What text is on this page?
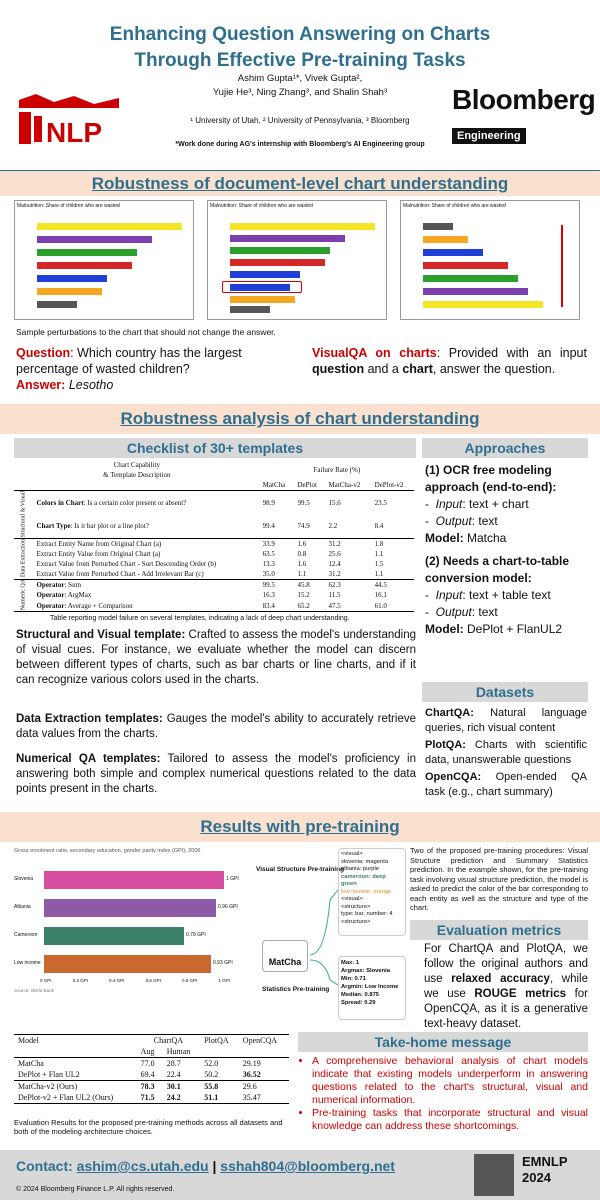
Enhancing Question Answering on Charts
Through Effective Pre-training Tasks
Ashim Gupta¹*, Vivek Gupta²,
Yujie He³, Ning Zhang³, and Shalin Shah³
¹ University of Utah, ² University of Pennsylvania, ³ Bloomberg
*Work done during AG's internship with Bloomberg's AI Engineering group
NLP
Bloomberg
Engineering
Robustness of document-level chart understanding
Malnutrition: Share of children who are wasted	Malnutrition: Share of children who are wasted	Malnutrition: Share of children who are wasted
Sample perturbations to the chart that should not change the answer.
Question: Which country has the largest percentage of wasted children?
Answer: Lesotho
VisualQA on charts: Provided with an input question and a chart, answer the question.
Robustness analysis of chart understanding
Checklist of 30+ templates
Chart Capability
& Template Description		Failure Rate (%)			
		MatCha	DePlot	MatCha-v2	DePlot-v2
Structural & Visual	Colors in Chart: Is a certain color present or absent?	98.9	99.5	15.6	23.5
	Chart Type: Is it bar plot or a line plot?	99.4	74.9	2.2	8.4
Data Extraction	Extract Entity Name from Original Chart (a)	33.9	1.6	31.2	1.8
	Extract Entity Value from Original Chart (a)	63.5	0.8	25.6	1.1
	Extract Value from Perturbed Chart - Sort Descending Order (b)	13.3	1.6	12.4	1.5
	Extract Value from Perturbed Chart - Add Irrelevant Bar (c)	35.0	1.1	31.2	1.1
Numeric QA	Operator: Sum	99.5	45.8	62.3	44.5
	Operator: ArgMax	16.3	15.2	11.5	16.1
	Operator: Average + Comparison	83.4	65.2	47.5	61.0
Table reporting model failure on several templates, indicating a lack of deep chart understanding.
Structural and Visual template: Crafted to assess the model's understanding of visual cues. For instance, we evaluate whether the model can discern between different types of charts, such as bar charts or line charts, and if it can recognize various colors used in the charts.
Data Extraction templates: Gauges the model's ability to accurately retrieve data values from the charts.
Numerical QA templates: Tailored to assess the model's proficiency in answering both simple and complex numerical questions related to the data points present in the charts.
Approaches
(1) OCR free modeling approach (end-to-end):
-  Input: text + chart
-  Output: text
Model: Matcha
(2) Needs a chart-to-table conversion model:
-  Input: text + table text
-  Output: text
Model: DePlot + FlanUL2
Datasets
ChartQA: Natural language queries, rich visual content
PlotQA: Charts with scientific data, unanswerable questions
OpenCQA: Open-ended QA task (e.g., chart summary)
Results with pre-training
Gross enrolment ratio, secondary education, gender parity index (GPI), 2006
Slovenia
Albania
Cameroon
Low income
1 GPI
0.96 GPI
0.78 GPI
0.93 GPI
0 GPI	0.2 GPI	0.4 GPI	0.6 GPI	0.8 GPI	1 GPI
Source: World Bank
Visual Structure Pre-training
Statistics Pre-training
MatCha
<visual>
slovenia: magenta
albania: purple
cameroon: deep green
low income: orange
<visual>
<structure>
type: bar, number: 4
<structure>
Max: 1
Argmax: Slovenia
Min: 0.71
Argmin: Low Income
Median: 0.875
Spread: 0.29
Two of the proposed pre-training procedures: Visual Structure prediction and Summary Statistics prediction. In the example shown, for the pre-training task involving visual structure prediction, the model is asked to predict the color of the bar corresponding to each entity as well as the structure and type of the chart.
Evaluation metrics
For ChartQA and PlotQA, we follow the original authors and use relaxed accuracy, while we use ROUGE metrics for OpenCQA, as it is a generative text-heavy dataset.
Model	ChartQA		PlotQA	OpenCQA
	Aug	Human		
MatCha	77.0	28.7	52.0	29.19
DePlot + Flan UL2	69.4	22.4	50.2	36.52
MatCha-v2 (Ours)	78.3	30.1	55.8	29.6
DePlot-v2 + Flan UL2 (Ours)	71.5	24.2	51.1	35.47
Evaluation Results for the proposed pre-training methods across all datasets and both of the modeling architecture choices.
Take-home message
• A comprehensive behavioral analysis of chart models indicate that existing models underperform in answering questions related to the chart's structural, visual and numerical information.
• Pre-training tasks that incorporate structural and visual knowledge can address these shortcomings.
Contact: ashim@cs.utah.edu | sshah804@bloomberg.net
© 2024 Bloomberg Finance L.P. All rights reserved.
EMNLP
2024
